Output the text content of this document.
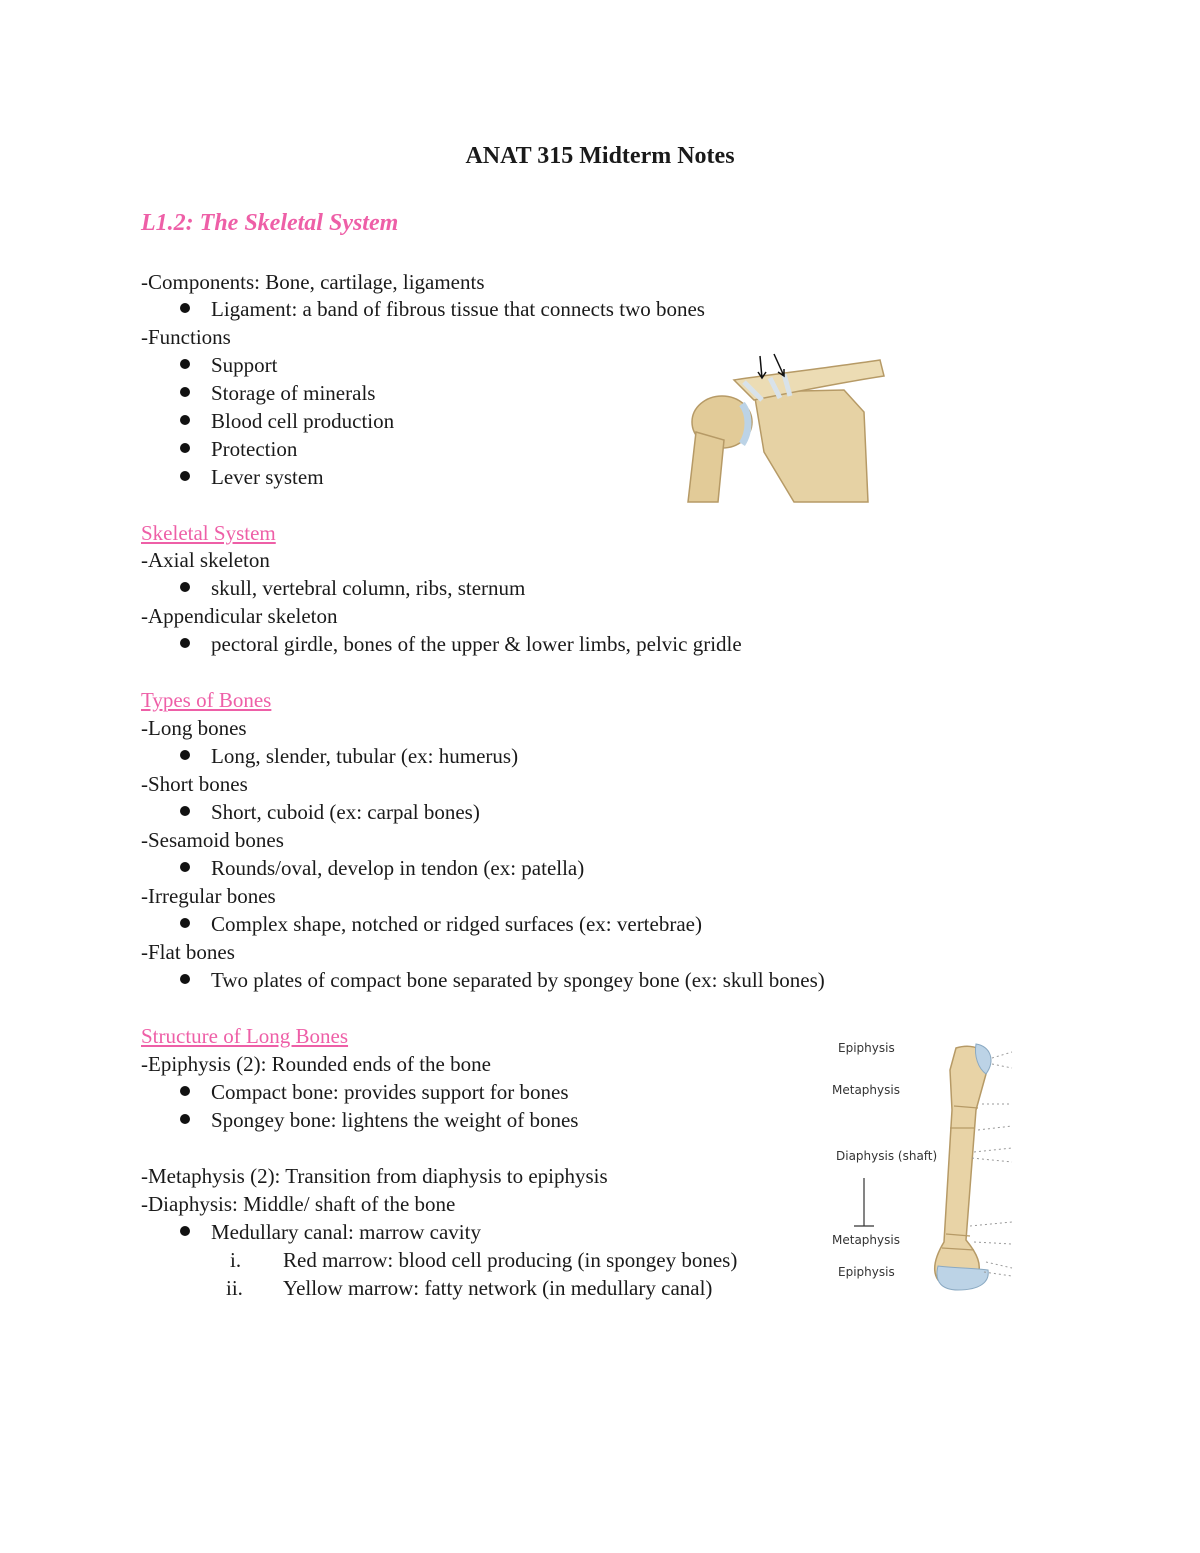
ANAT 315 Midterm Notes
L1.2: The Skeletal System
-Components: Bone, cartilage, ligaments
Ligament: a band of fibrous tissue that connects two bones
-Functions
Support
Storage of minerals
Blood cell production
Protection
Lever system
Skeletal System
-Axial skeleton
skull, vertebral column, ribs, sternum
-Appendicular skeleton
pectoral girdle, bones of the upper & lower limbs, pelvic gridle
Types of Bones
-Long bones
Long, slender, tubular (ex: humerus)
-Short bones
Short, cuboid (ex: carpal bones)
-Sesamoid bones
Rounds/oval, develop in tendon (ex: patella)
-Irregular bones
Complex shape, notched or ridged surfaces (ex: vertebrae)
-Flat bones
Two plates of compact bone separated by spongey bone (ex: skull bones)
Structure of Long Bones
-Epiphysis (2): Rounded ends of the bone
Compact bone: provides support for bones
Spongey bone: lightens the weight of bones
-Metaphysis (2): Transition from diaphysis to epiphysis
-Diaphysis: Middle/ shaft of the bone
Medullary canal: marrow cavity
i. Red marrow: blood cell producing (in spongey bones)
ii. Yellow marrow: fatty network (in medullary canal)
Epiphysis
Metaphysis
Diaphysis (shaft)
Metaphysis
Epiphysis
